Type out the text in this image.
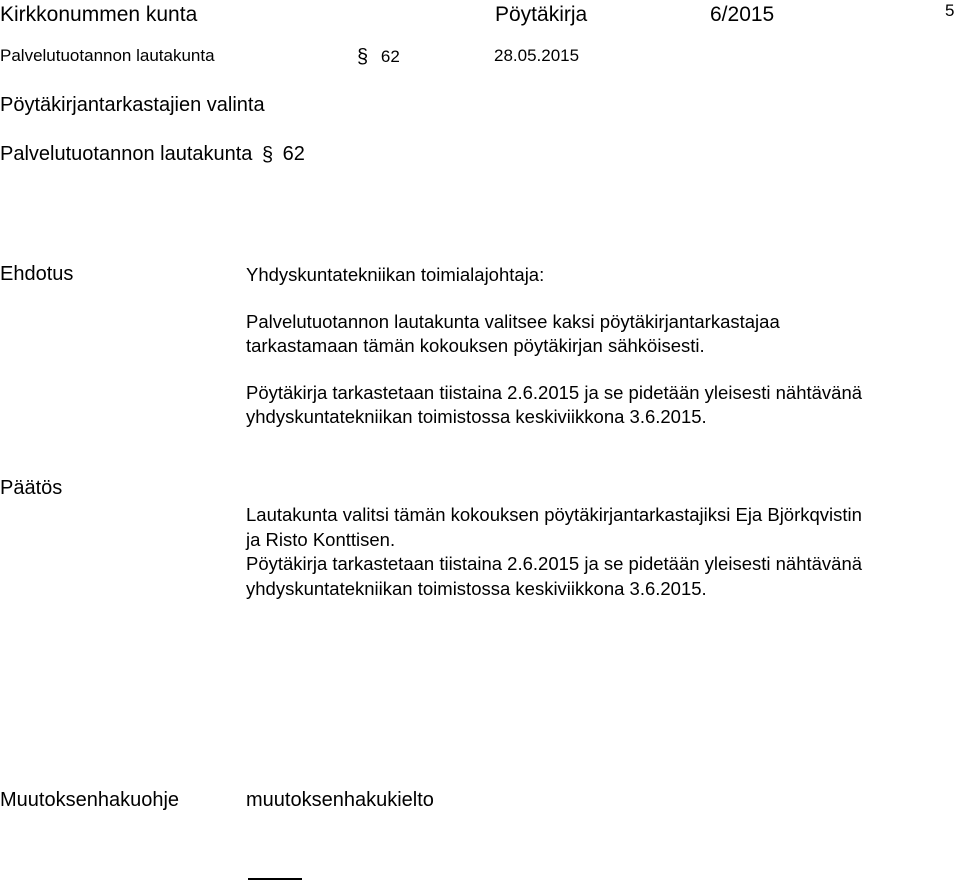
Kirkkonummen kunta	Pöytäkirja	6/2015	5
Palvelutuotannon lautakunta	§ 62	28.05.2015
Pöytäkirjantarkastajien valinta
Palvelutuotannon lautakunta § 62
Ehdotus	Yhdyskuntatekniikan toimialajohtaja:

Palvelutuotannon lautakunta valitsee kaksi pöytäkirjantarkastajaa

tarkastamaan tämän kokouksen pöytäkirjan sähköisesti.

Pöytäkirja tarkastetaan tiistaina 2.6.2015 ja se pidetään yleisesti nähtävänä

yhdyskuntatekniikan toimistossa keskiviikkona 3.6.2015.

Päätös

Lautakunta valitsi tämän kokouksen pöytäkirjantarkastajiksi Eja Björkqvistin

ja Risto Konttisen.

Pöytäkirja tarkastetaan tiistaina 2.6.2015 ja se pidetään yleisesti nähtävänä

yhdyskuntatekniikan toimistossa keskiviikkona 3.6.2015.

Muutoksenhakuohje	muutoksenhakukielto
